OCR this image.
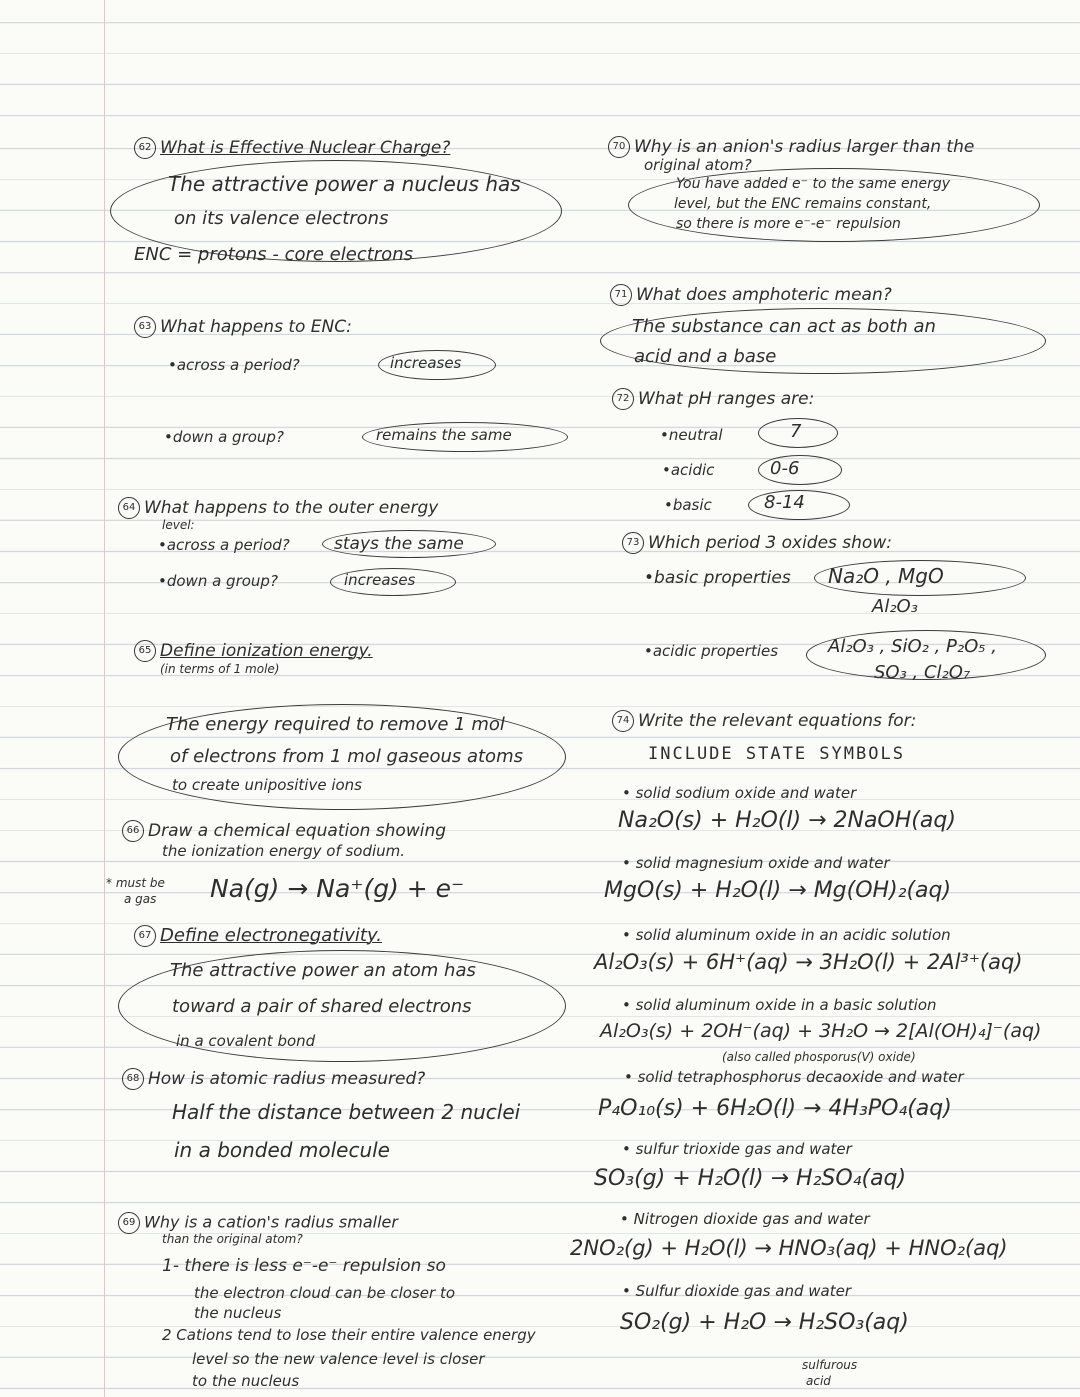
62 What is Effective Nuclear Charge?
The attractive power a nucleus has
on its valence electrons
ENC = protons - core electrons
63 What happens to ENC:
•across a period?	increases
•down a group?	remains the same
64 What happens to the outer energy
level:
•across a period?	stays the same
•down a group?	increases
65 Define ionization energy.
(in terms of 1 mole)
The energy required to remove 1 mol
of electrons from 1 mol gaseous atoms
to create unipositive ions
66 Draw a chemical equation showing
the ionization energy of sodium.
* must be
a gas Na(g) → Na⁺(g) + e⁻
67 Define electronegativity.
The attractive power an atom has
toward a pair of shared electrons
in a covalent bond
68 How is atomic radius measured?
Half the distance between 2 nuclei
in a bonded molecule
69 Why is a cation's radius smaller
than the original atom?
1- there is less e⁻-e⁻ repulsion so
the electron cloud can be closer to
the nucleus
2 Cations tend to lose their entire valence energy
level so the new valence level is closer
to the nucleus
70 Why is an anion's radius larger than the
original atom?
You have added e⁻ to the same energy
level, but the ENC remains constant,
so there is more e⁻-e⁻ repulsion
71 What does amphoteric mean?
The substance can act as both an
acid and a base
72 What pH ranges are:
•neutral	7
•acidic	0-6
•basic	8-14
73 Which period 3 oxides show:
•basic properties Na₂O , MgO
Al₂O₃
•acidic properties	Al₂O₃ , SiO₂ , P₂O₅ ,
SO₃ , Cl₂O₇
74 Write the relevant equations for:
INCLUDE STATE SYMBOLS
• solid sodium oxide and water
Na₂O(s) + H₂O(l) → 2NaOH(aq)
• solid magnesium oxide and water
MgO(s) + H₂O(l) → Mg(OH)₂(aq)
• solid aluminum oxide in an acidic solution
Al₂O₃(s) + 6H⁺(aq) → 3H₂O(l) + 2Al³⁺(aq)
• solid aluminum oxide in a basic solution
Al₂O₃(s) + 2OH⁻(aq) + 3H₂O → 2[Al(OH)₄]⁻(aq)
(also called phosporus(V) oxide)
• solid tetraphosphorus decaoxide and water
P₄O₁₀(s) + 6H₂O(l) → 4H₃PO₄(aq)
• sulfur trioxide gas and water
SO₃(g) + H₂O(l) → H₂SO₄(aq)
• Nitrogen dioxide gas and water
2NO₂(g) + H₂O(l) → HNO₃(aq) + HNO₂(aq)
• Sulfur dioxide gas and water
SO₂(g) + H₂O → H₂SO₃(aq)
sulfurous
acid
